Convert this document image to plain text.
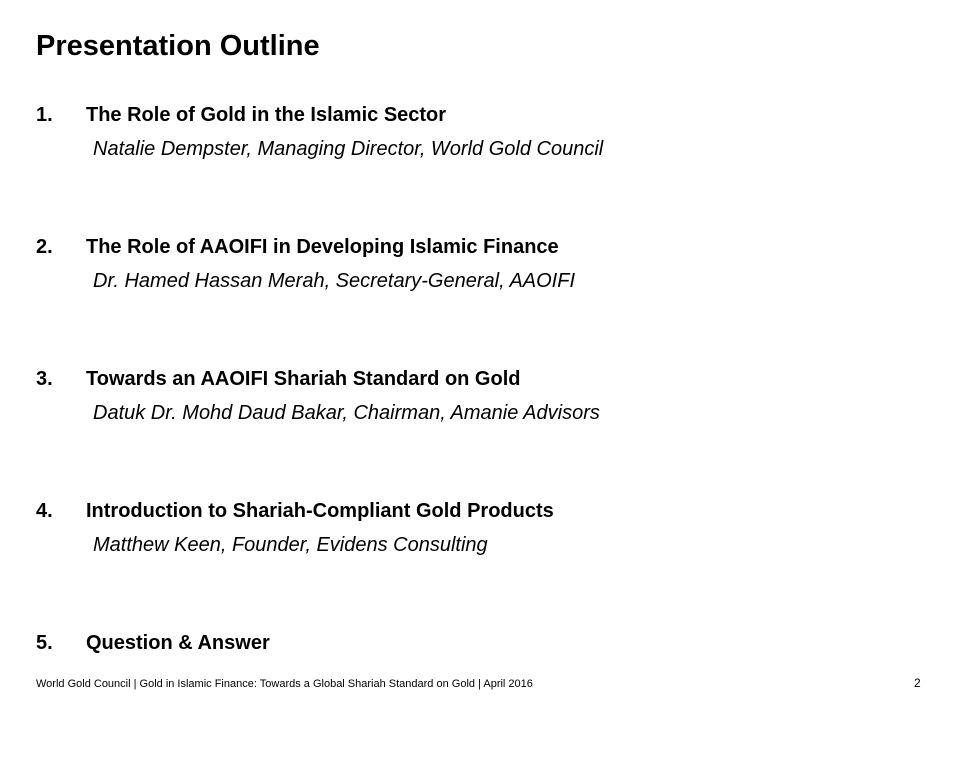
Presentation Outline
1. The Role of Gold in the Islamic Sector
Natalie Dempster, Managing Director, World Gold Council
2. The Role of AAOIFI in Developing Islamic Finance
Dr. Hamed Hassan Merah, Secretary-General, AAOIFI
3. Towards an AAOIFI Shariah Standard on Gold
Datuk Dr. Mohd Daud Bakar, Chairman, Amanie Advisors
4. Introduction to Shariah-Compliant Gold Products
Matthew Keen, Founder, Evidens Consulting
5. Question & Answer
World Gold Council | Gold in Islamic Finance: Towards a Global Shariah Standard on Gold | April 2016	2
